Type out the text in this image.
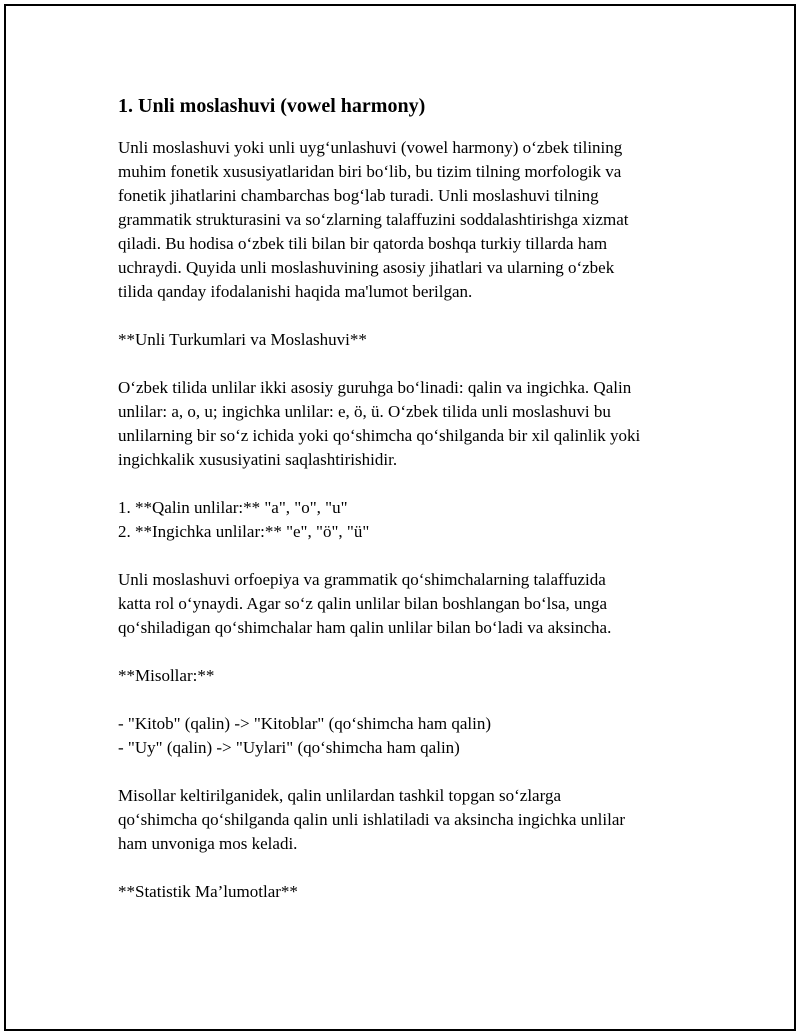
1. Unli moslashuvi (vowel harmony)
Unli moslashuvi yoki unli uyg‘unlashuvi (vowel harmony) o‘zbek tilining
muhim fonetik xususiyatlaridan biri bo‘lib, bu tizim tilning morfologik va
fonetik jihatlarini chambarchas bog‘lab turadi. Unli moslashuvi tilning
grammatik strukturasini va so‘zlarning talaffuzini soddalashtirishga xizmat
qiladi. Bu hodisa o‘zbek tili bilan bir qatorda boshqa turkiy tillarda ham
uchraydi. Quyida unli moslashuvining asosiy jihatlari va ularning o‘zbek
tilida qanday ifodalanishi haqida ma'lumot berilgan.
**Unli Turkumlari va Moslashuvi**
O‘zbek tilida unlilar ikki asosiy guruhga bo‘linadi: qalin va ingichka. Qalin
unlilar: a, o, u; ingichka unlilar: e, ö, ü. O‘zbek tilida unli moslashuvi bu
unlilarning bir so‘z ichida yoki qo‘shimcha qo‘shilganda bir xil qalinlik yoki
ingichkalik xususiyatini saqlashtirishidir.
1. **Qalin unlilar:** "a", "o", "u"
2. **Ingichka unlilar:** "e", "ö", "ü"
Unli moslashuvi orfoepiya va grammatik qo‘shimchalarning talaffuzida
katta rol o‘ynaydi. Agar so‘z qalin unlilar bilan boshlangan bo‘lsa, unga
qo‘shiladigan qo‘shimchalar ham qalin unlilar bilan bo‘ladi va aksincha.
**Misollar:**
- "Kitob" (qalin) -> "Kitoblar" (qo‘shimcha ham qalin)
- "Uy" (qalin) -> "Uylari" (qo‘shimcha ham qalin)
Misollar keltirilganidek, qalin unlilardan tashkil topgan so‘zlarga
qo‘shimcha qo‘shilganda qalin unli ishlatiladi va aksincha ingichka unlilar
ham unvoniga mos keladi.
**Statistik Ma’lumotlar**
